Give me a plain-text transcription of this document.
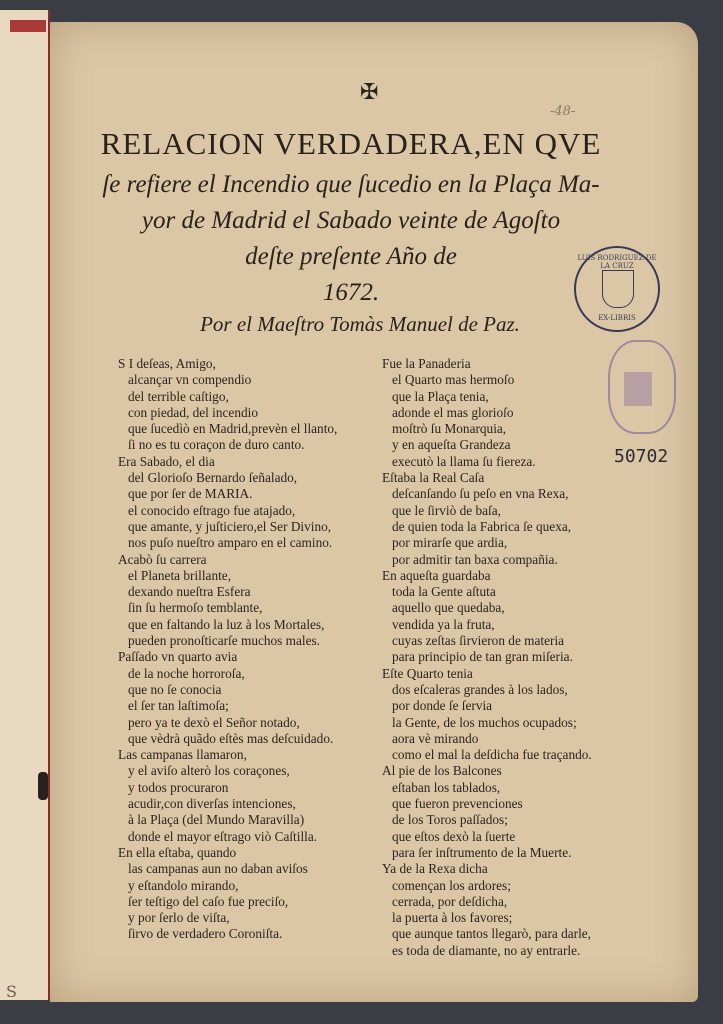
S
✠
-48-
RELACION VERDADERA,EN QVE
ſe refiere el Incendio que ſucedio en la Plaça Ma-
yor de Madrid el Sabado veinte de Agoſto
deſte preſente Año de
1672.
Por el Maeſtro Tomàs Manuel de Paz.
LUIS RODRIGUEZ DE LA CRUZ
EX-LIBRIS
50702
S I deſeas, Amigo,
alcançar vn compendio
del terrible caſtigo,
con piedad, del incendio
que ſucedìò en Madrid,prevèn el llanto,
ſi no es tu coraçon de duro canto.
Era Sabado, el dia
del Glorioſo Bernardo ſeñalado,
que por ſer de MARIA.
el conocido eſtrago fue atajado,
que amante, y juſticiero,el Ser Divino,
nos puſo nueſtro amparo en el camino.
Acabò ſu carrera
el Planeta brillante,
dexando nueſtra Esfera
ſin ſu hermoſo temblante,
que en faltando la luz à los Mortales,
pueden pronoſticarſe muchos males.
Paſſado vn quarto avia
de la noche horroroſa,
que no ſe conocia
el ſer tan laſtimoſa;
pero ya te dexò el Señor notado,
que vèdrà quãdo eſtès mas deſcuidado.
Las campanas llamaron,
y el aviſo alterò los coraçones,
y todos procuraron
acudir,con diverſas intenciones,
à la Plaça (del Mundo Maravilla)
donde el mayor eſtrago viò Caſtilla.
En ella eſtaba, quando
las campanas aun no daban aviſos
y eſtandolo mirando,
ſer teſtigo del caſo fue preciſo,
y por ſerlo de viſta,
ſirvo de verdadero Coroniſta.
Fue la Panaderia
el Quarto mas hermoſo
que la Plaça tenia,
adonde el mas glorioſo
moſtrò ſu Monarquia,
y en aqueſta Grandeza
executò la llama ſu fiereza.
Eſtaba la Real Caſa
deſcanſando ſu peſo en vna Rexa,
que le ſirviò de baſa,
de quien toda la Fabrica ſe quexa,
por mirarſe que ardia,
por admitir tan baxa compañia.
En aqueſta guardaba
toda la Gente aſtuta
aquello que quedaba,
vendida ya la fruta,
cuyas zeſtas ſirvieron de materia
para principio de tan gran miſeria.
Eſte Quarto tenia
dos eſcaleras grandes à los lados,
por donde ſe ſervia
la Gente, de los muchos ocupados;
aora vè mirando
como el mal la deſdicha fue traçando.
Al pie de los Balcones
eſtaban los tablados,
que fueron prevenciones
de los Toros paſſados;
que eſtos dexò la ſuerte
para ſer inſtrumento de la Muerte.
Ya de la Rexa dicha
començan los ardores;
cerrada, por deſdicha,
la puerta à los favores;
que aunque tantos llegarò, para darle,
es toda de diamante, no ay entrarle.
